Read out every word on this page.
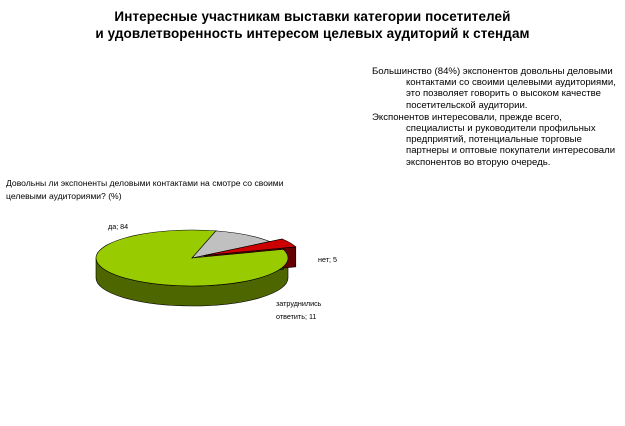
Интересные участникам выставки категории посетителей
и удовлетворенность интересом целевых аудиторий к стендам

Большинство (84%) экспонентов довольны деловыми контактами со своими целевыми аудиториями, это позволяет говорить о высоком качестве посетительской аудитории.

Экспонентов интересовали, прежде всего, специалисты и руководители профильных предприятий, потенциальные торговые партнеры и оптовые покупатели интересовали экспонентов во вторую очередь.

Довольны ли экспоненты деловыми контактами на смотре со своими целевыми аудиториями? (%)
да; 84
нет; 5
затруднились
ответить; 11
